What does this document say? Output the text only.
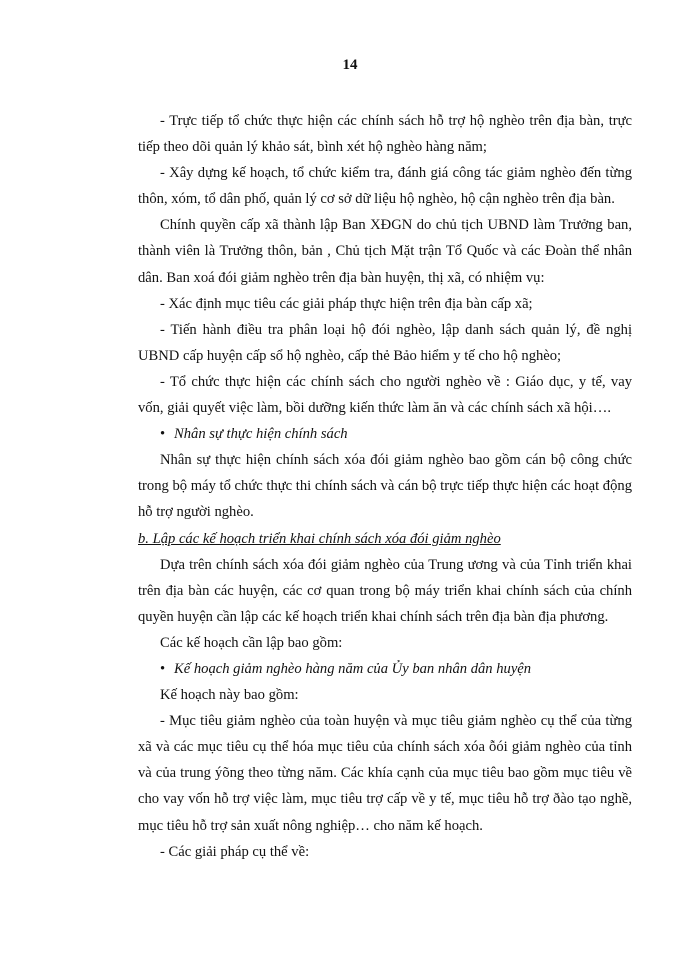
14

- Trực tiếp tổ chức thực hiện các chính sách hỗ trợ hộ nghèo trên địa bàn, trực tiếp theo dõi quản lý khảo sát, bình xét hộ nghèo hàng năm;

- Xây dựng kế hoạch, tổ chức kiểm tra, đánh giá công tác giảm nghèo đến từng thôn, xóm, tổ dân phố, quản lý cơ sở dữ liệu hộ nghèo, hộ cận nghèo trên địa bàn.

Chính quyền cấp xã thành lập Ban XĐGN do chủ tịch UBND làm Trưởng ban, thành viên là Trưởng thôn, bản , Chủ tịch Mặt trận Tổ Quốc và các Đoàn thể nhân dân. Ban xoá đói giảm nghèo trên địa bàn huyện, thị xã, có nhiệm vụ:

- Xác định mục tiêu các giải pháp thực hiện trên địa bàn cấp xã;

- Tiến hành điều tra phân loại hộ đói nghèo, lập danh sách quản lý, đề nghị UBND cấp huyện cấp sổ hộ nghèo, cấp thẻ Bảo hiểm y tế cho hộ nghèo;

- Tổ chức thực hiện các chính sách cho người nghèo về : Giáo dục, y tế, vay vốn, giải quyết việc làm, bồi dưỡng kiến thức làm ăn và các chính sách xã hội….

• Nhân sự thực hiện chính sách

Nhân sự thực hiện chính sách xóa đói giảm nghèo bao gồm cán bộ công chức trong bộ máy tổ chức thực thi chính sách và cán bộ trực tiếp thực hiện các hoạt động hỗ trợ người nghèo.

b. Lập các kế hoạch triển khai chính sách xóa đói giảm nghèo

Dựa trên chính sách xóa đói giảm nghèo của Trung ương và của Tỉnh triển khai trên địa bàn các huyện, các cơ quan trong bộ máy triển khai chính sách của chính quyền huyện cần lập các kế hoạch triển khai chính sách trên địa bàn địa phương.

Các kế hoạch cần lập bao gồm:

• Kế hoạch giảm nghèo hàng năm của Ủy ban nhân dân huyện

Kế hoạch này bao gồm:

- Mục tiêu giảm nghèo của toàn huyện và mục tiêu giảm nghèo cụ thể của từng xã và các mục tiêu cụ thể hóa mục tiêu của chính sách xóa ỗói giảm nghèo của tỉnh và của trung ýõng theo từng năm. Các khía cạnh của mục tiêu bao gồm mục tiêu về cho vay vốn hỗ trợ việc làm, mục tiêu trợ cấp về y tế, mục tiêu hỗ trợ ðào tạo nghề, mục tiêu hỗ trợ sản xuất nông nghiệp… cho năm kế hoạch.

- Các giải pháp cụ thể về:
